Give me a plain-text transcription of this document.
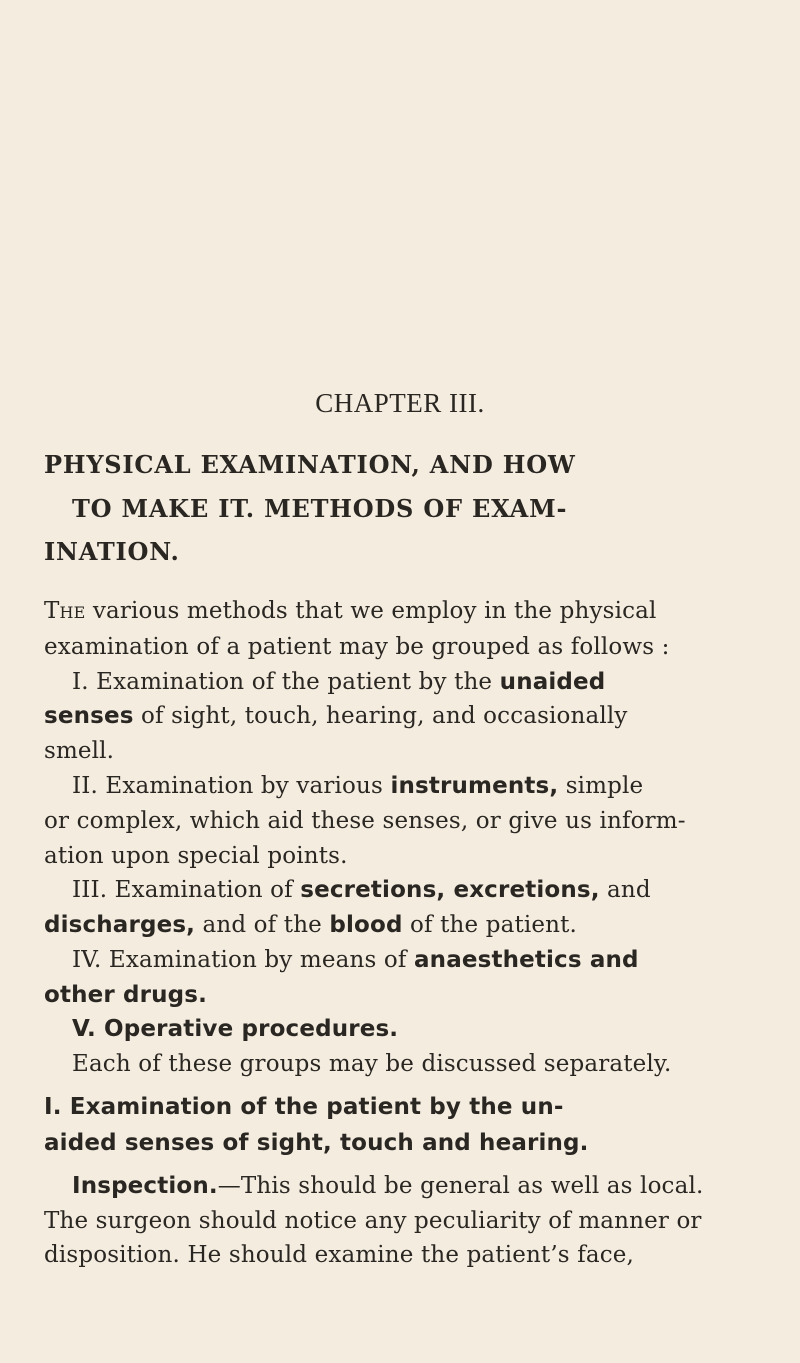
CHAPTER III.
PHYSICAL EXAMINATION, AND HOW
TO MAKE IT. METHODS OF EXAM-
INATION.
The various methods that we employ in the physical
examination of a patient may be grouped as follows :
I. Examination of the patient by the unaided
senses of sight, touch, hearing, and occasionally
smell.
II. Examination by various instruments, simple
or complex, which aid these senses, or give us inform-
ation upon special points.
III. Examination of secretions, excretions, and
discharges, and of the blood of the patient.
IV. Examination by means of anaesthetics and
other drugs.
V. Operative procedures.
Each of these groups may be discussed separately.
I. Examination of the patient by the un-
aided senses of sight, touch and hearing.
Inspection.—This should be general as well as local.
The surgeon should notice any peculiarity of manner or
disposition. He should examine the patient’s face,
